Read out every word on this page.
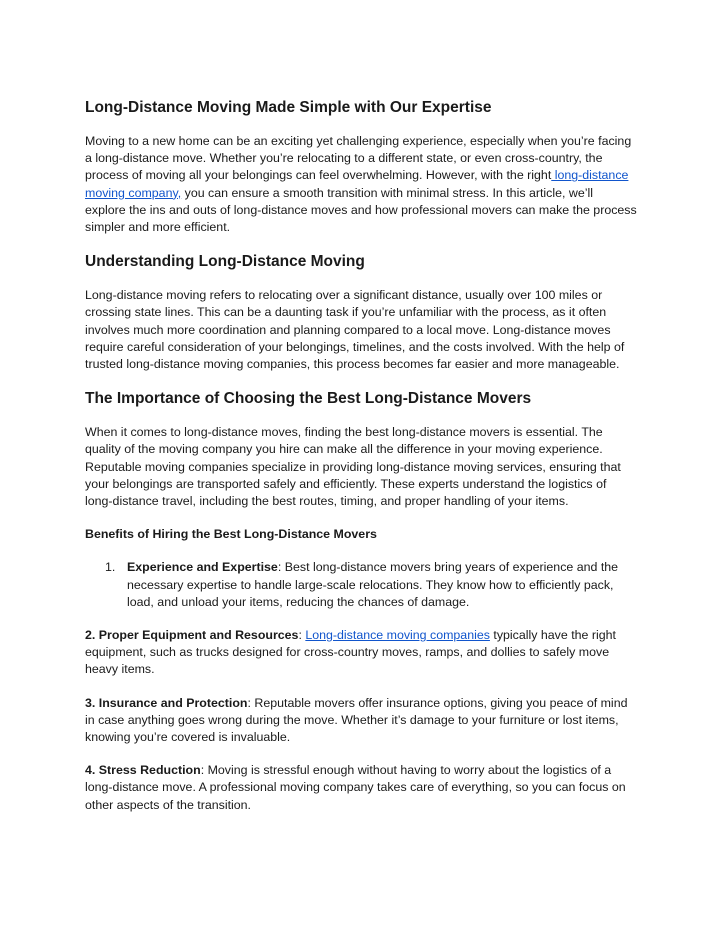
Long-Distance Moving Made Simple with Our Expertise

Moving to a new home can be an exciting yet challenging experience, especially when you’re facing a long-distance move. Whether you’re relocating to a different state, or even cross-country, the process of moving all your belongings can feel overwhelming. However, with the right long-distance moving company, you can ensure a smooth transition with minimal stress. In this article, we’ll explore the ins and outs of long-distance moves and how professional movers can make the process simpler and more efficient.

Understanding Long-Distance Moving

Long-distance moving refers to relocating over a significant distance, usually over 100 miles or crossing state lines. This can be a daunting task if you’re unfamiliar with the process, as it often involves much more coordination and planning compared to a local move. Long-distance moves require careful consideration of your belongings, timelines, and the costs involved. With the help of trusted long-distance moving companies, this process becomes far easier and more manageable.

The Importance of Choosing the Best Long-Distance Movers

When it comes to long-distance moves, finding the best long-distance movers is essential. The quality of the moving company you hire can make all the difference in your moving experience. Reputable moving companies specialize in providing long-distance moving services, ensuring that your belongings are transported safely and efficiently. These experts understand the logistics of long-distance travel, including the best routes, timing, and proper handling of your items.

Benefits of Hiring the Best Long-Distance Movers

1. Experience and Expertise: Best long-distance movers bring years of experience and the necessary expertise to handle large-scale relocations. They know how to efficiently pack, load, and unload your items, reducing the chances of damage.

2. Proper Equipment and Resources: Long-distance moving companies typically have the right equipment, such as trucks designed for cross-country moves, ramps, and dollies to safely move heavy items.

3. Insurance and Protection: Reputable movers offer insurance options, giving you peace of mind in case anything goes wrong during the move. Whether it’s damage to your furniture or lost items, knowing you’re covered is invaluable.

4. Stress Reduction: Moving is stressful enough without having to worry about the logistics of a long-distance move. A professional moving company takes care of everything, so you can focus on other aspects of the transition.
